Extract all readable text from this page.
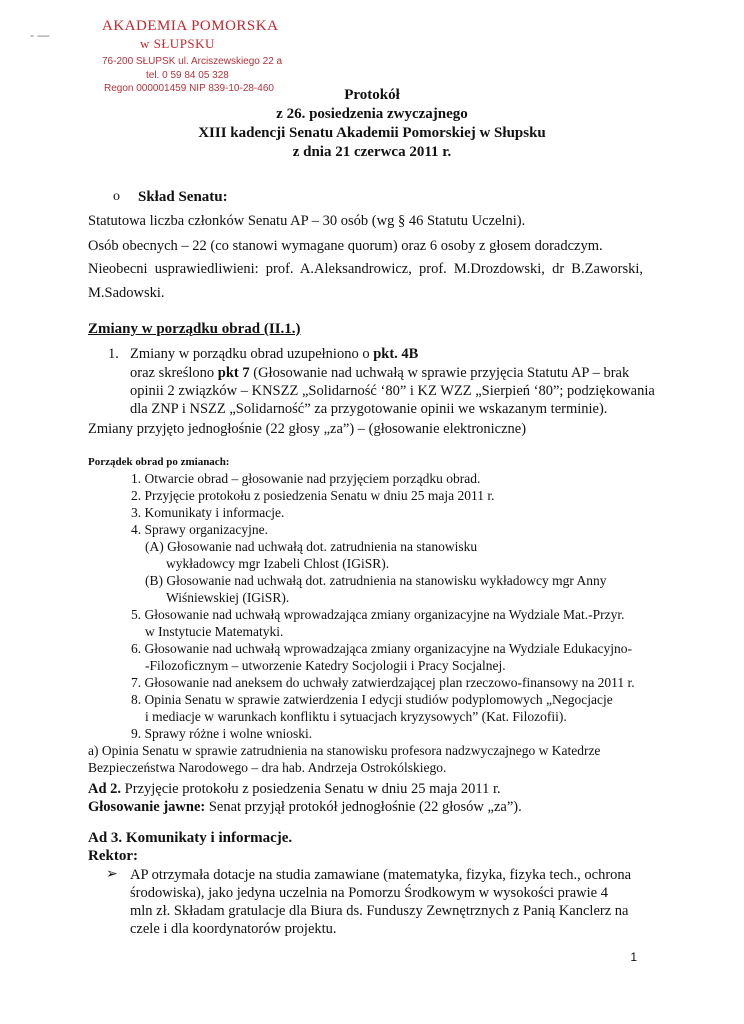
- —
AKADEMIA POMORSKA
w SŁUPSKU
76-200 SŁUPSK ul. Arciszewskiego 22 a
tel. 0 59 84 05 328
Regon 000001459 NIP 839-10-28-460	Protokół
z 26. posiedzenia zwyczajnego
XIII kadencji Senatu Akademii Pomorskiej w Słupsku
z dnia 21 czerwca 2011 r.
o Skład Senatu:
Statutowa liczba członków Senatu AP – 30 osób (wg § 46 Statutu Uczelni).
Osób obecnych – 22 (co stanowi wymagane quorum) oraz 6 osoby z głosem doradczym.
Nieobecni usprawiedliwieni: prof. A.Aleksandrowicz, prof. M.Drozdowski, dr B.Zaworski, M.Sadowski.
Zmiany w porządku obrad (II.1.)
1. Zmiany w porządku obrad uzupełniono o pkt. 4B
oraz skreślono pkt 7 (Głosowanie nad uchwałą w sprawie przyjęcia Statutu AP – brak
opinii 2 związków – KNSZZ „Solidarność ‘80” i KZ WZZ „Sierpień ‘80”; podziękowania
dla ZNP i NSZZ „Solidarność” za przygotowanie opinii we wskazanym terminie).
Zmiany przyjęto jednogłośnie (22 głosy „za”) – (głosowanie elektroniczne)
Porządek obrad po zmianach:
1. Otwarcie obrad – głosowanie nad przyjęciem porządku obrad.
2. Przyjęcie protokołu z posiedzenia Senatu w dniu 25 maja 2011 r.
3. Komunikaty i informacje.
4. Sprawy organizacyjne.
(A) Głosowanie nad uchwałą dot. zatrudnienia na stanowisku
wykładowcy mgr Izabeli Chlost (IGiSR).
(B) Głosowanie nad uchwałą dot. zatrudnienia na stanowisku wykładowcy mgr Anny
Wiśniewskiej (IGiSR).
5. Głosowanie nad uchwałą wprowadzająca zmiany organizacyjne na Wydziale Mat.-Przyr.
w Instytucie Matematyki.
6. Głosowanie nad uchwałą wprowadzająca zmiany organizacyjne na Wydziale Edukacyjno-
-Filozoficznym – utworzenie Katedry Socjologii i Pracy Socjalnej.
7. Głosowanie nad aneksem do uchwały zatwierdzającej plan rzeczowo-finansowy na 2011 r.
8. Opinia Senatu w sprawie zatwierdzenia I edycji studiów podyplomowych „Negocjacje
i mediacje w warunkach konfliktu i sytuacjach kryzysowych” (Kat. Filozofii).
9. Sprawy różne i wolne wnioski.
a) Opinia Senatu w sprawie zatrudnienia na stanowisku profesora nadzwyczajnego w Katedrze
Bezpieczeństwa Narodowego – dra hab. Andrzeja Ostrokólskiego.
Ad 2. Przyjęcie protokołu z posiedzenia Senatu w dniu 25 maja 2011 r.
Głosowanie jawne: Senat przyjął protokół jednogłośnie (22 głosów „za”).
Ad 3. Komunikaty i informacje.
Rektor:
➢ AP otrzymała dotacje na studia zamawiane (matematyka, fizyka, fizyka tech., ochrona
środowiska), jako jedyna uczelnia na Pomorzu Środkowym w wysokości prawie 4
mln zł. Składam gratulacje dla Biura ds. Funduszy Zewnętrznych z Panią Kanclerz na
czele i dla koordynatorów projektu.
1
